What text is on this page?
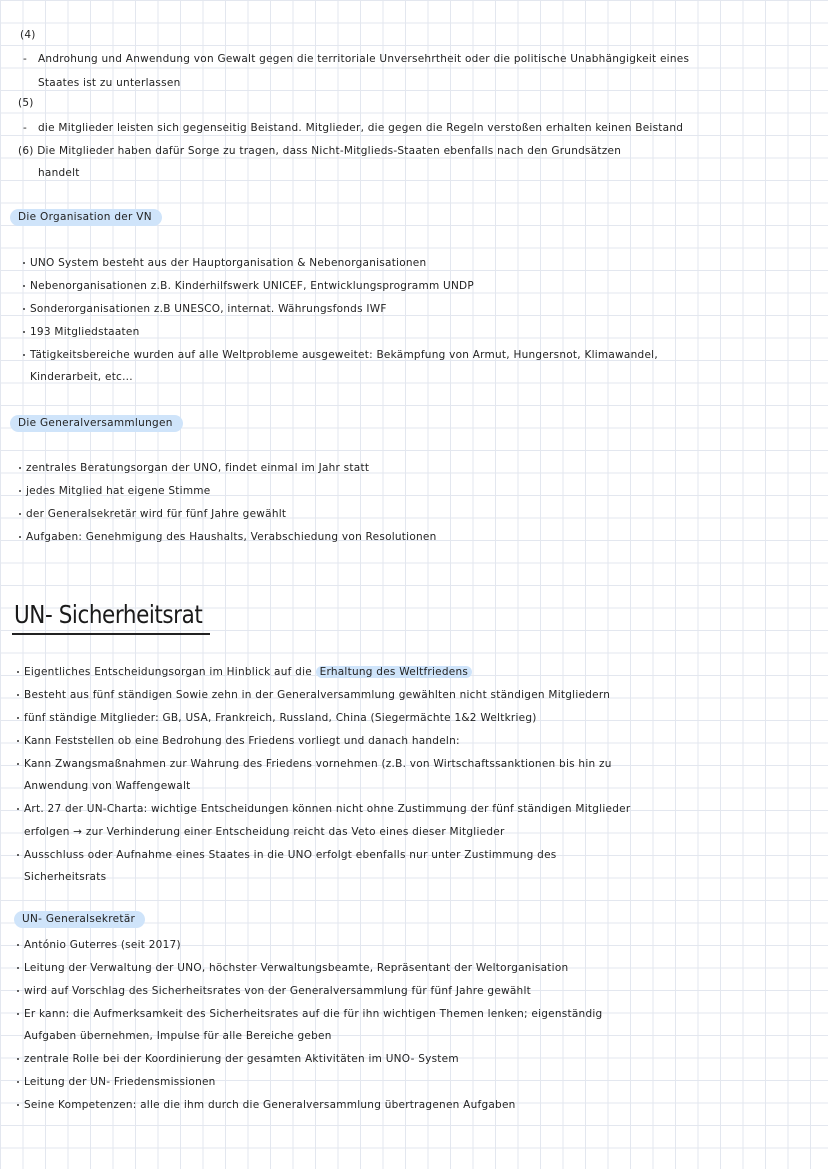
(4)
- Androhung und Anwendung von Gewalt gegen die territoriale Unversehrtheit oder die politische Unabhängigkeit eines
Staates ist zu unterlassen
(5)
- die Mitglieder leisten sich gegenseitig Beistand. Mitglieder, die gegen die Regeln verstoßen erhalten keinen Beistand
(6) Die Mitglieder haben dafür Sorge zu tragen, dass Nicht-Mitglieds-Staaten ebenfalls nach den Grundsätzen
handelt
Die Organisation der VN
UNO System besteht aus der Hauptorganisation & Nebenorganisationen
Nebenorganisationen z.B. Kinderhilfswerk UNICEF, Entwicklungsprogramm UNDP
Sonderorganisationen z.B UNESCO, internat. Währungsfonds IWF
193 Mitgliedstaaten
Tätigkeitsbereiche wurden auf alle Weltprobleme ausgeweitet: Bekämpfung von Armut, Hungersnot, Klimawandel,
Kinderarbeit, etc...
Die Generalversammlungen
zentrales Beratungsorgan der UNO, findet einmal im Jahr statt
jedes Mitglied hat eigene Stimme
der Generalsekretär wird für fünf Jahre gewählt
Aufgaben: Genehmigung des Haushalts, Verabschiedung von Resolutionen
UN- Sicherheitsrat
Eigentliches Entscheidungsorgan im Hinblick auf die Erhaltung des Weltfriedens
Besteht aus fünf ständigen Sowie zehn in der Generalversammlung gewählten nicht ständigen Mitgliedern
fünf ständige Mitglieder: GB, USA, Frankreich, Russland, China (Siegermächte 1&2 Weltkrieg)
Kann Feststellen ob eine Bedrohung des Friedens vorliegt und danach handeln:
Kann Zwangsmaßnahmen zur Wahrung des Friedens vornehmen (z.B. von Wirtschaftssanktionen bis hin zu
Anwendung von Waffengewalt
Art. 27 der UN-Charta: wichtige Entscheidungen können nicht ohne Zustimmung der fünf ständigen Mitglieder
erfolgen → zur Verhinderung einer Entscheidung reicht das Veto eines dieser Mitglieder
Ausschluss oder Aufnahme eines Staates in die UNO erfolgt ebenfalls nur unter Zustimmung des
Sicherheitsrats
UN- Generalsekretär
António Guterres (seit 2017)
Leitung der Verwaltung der UNO, höchster Verwaltungsbeamte, Repräsentant der Weltorganisation
wird auf Vorschlag des Sicherheitsrates von der Generalversammlung für fünf Jahre gewählt
Er kann: die Aufmerksamkeit des Sicherheitsrates auf die für ihn wichtigen Themen lenken; eigenständig
Aufgaben übernehmen, Impulse für alle Bereiche geben
zentrale Rolle bei der Koordinierung der gesamten Aktivitäten im UNO- System
Leitung der UN- Friedensmissionen
Seine Kompetenzen: alle die ihm durch die Generalversammlung übertragenen Aufgaben
